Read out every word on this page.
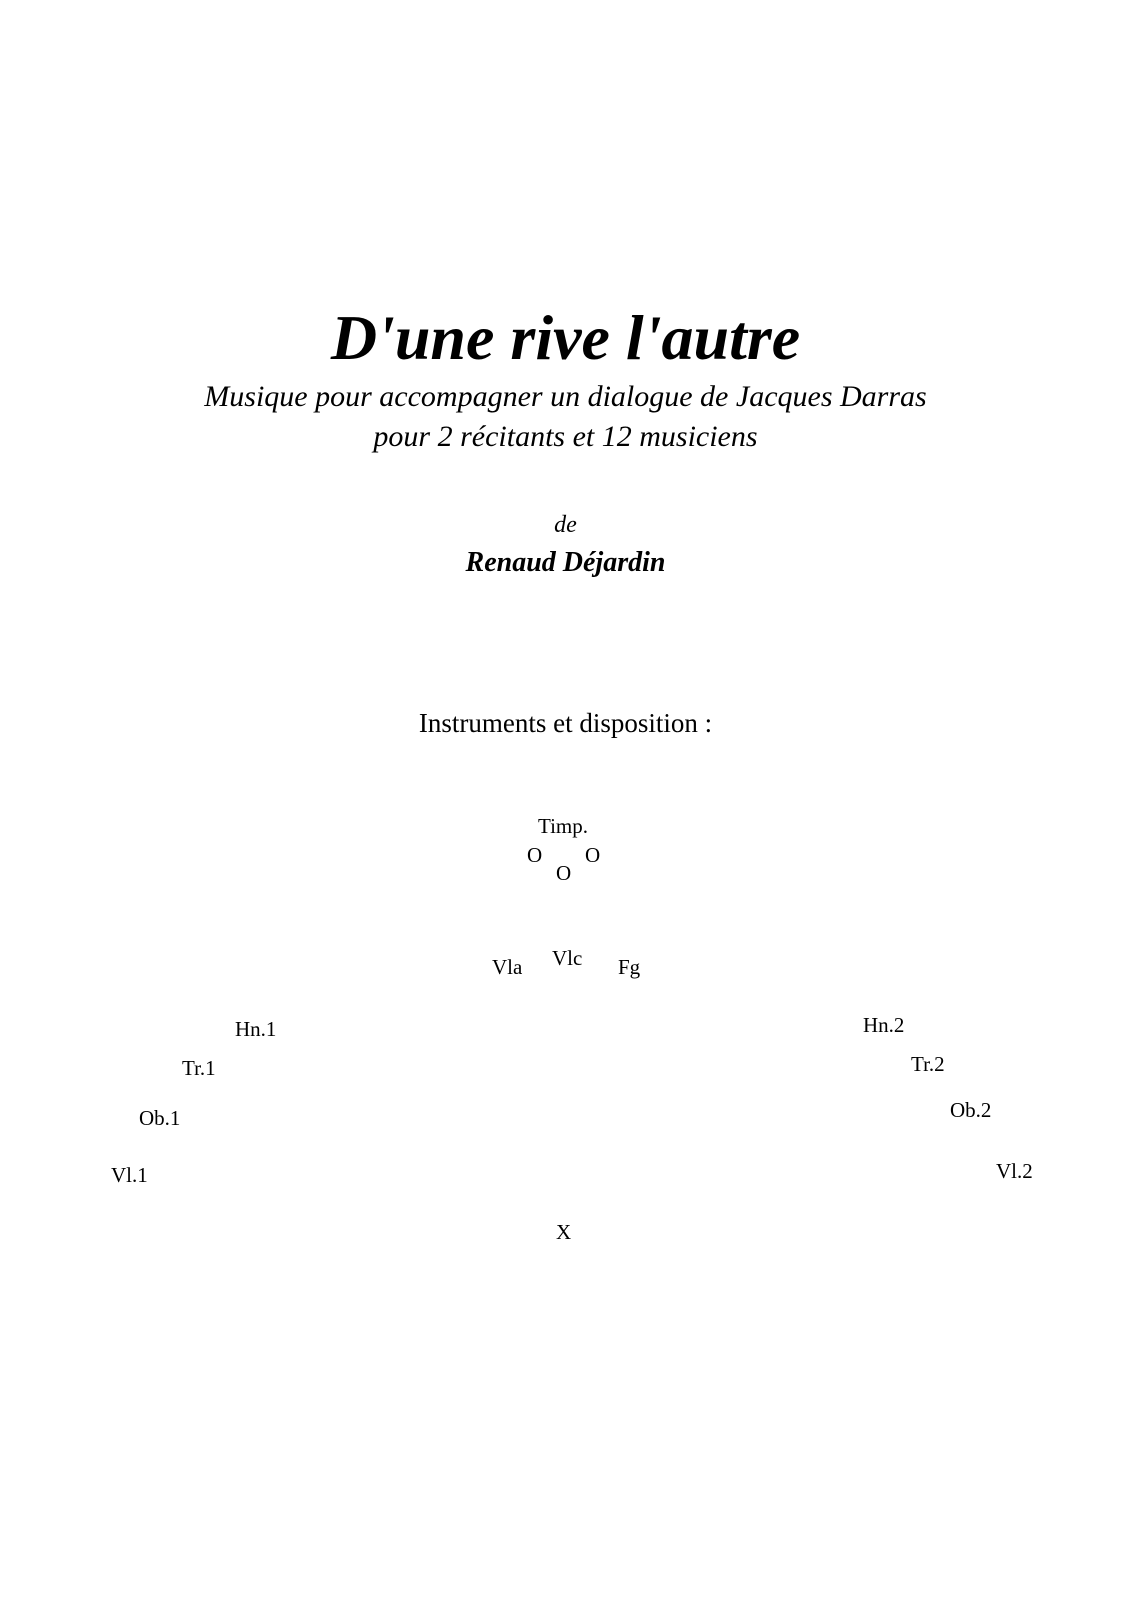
D'une rive l'autre

Musique pour accompagner un dialogue de Jacques Darras

pour 2 récitants et 12 musiciens

de
Renaud Déjardin
Instruments et disposition :
Timp.
O O
O
Vla Vlc Fg
Hn.1	Hn.2
Tr.1	Tr.2
Ob.1	Ob.2
Vl.1	Vl.2
X
